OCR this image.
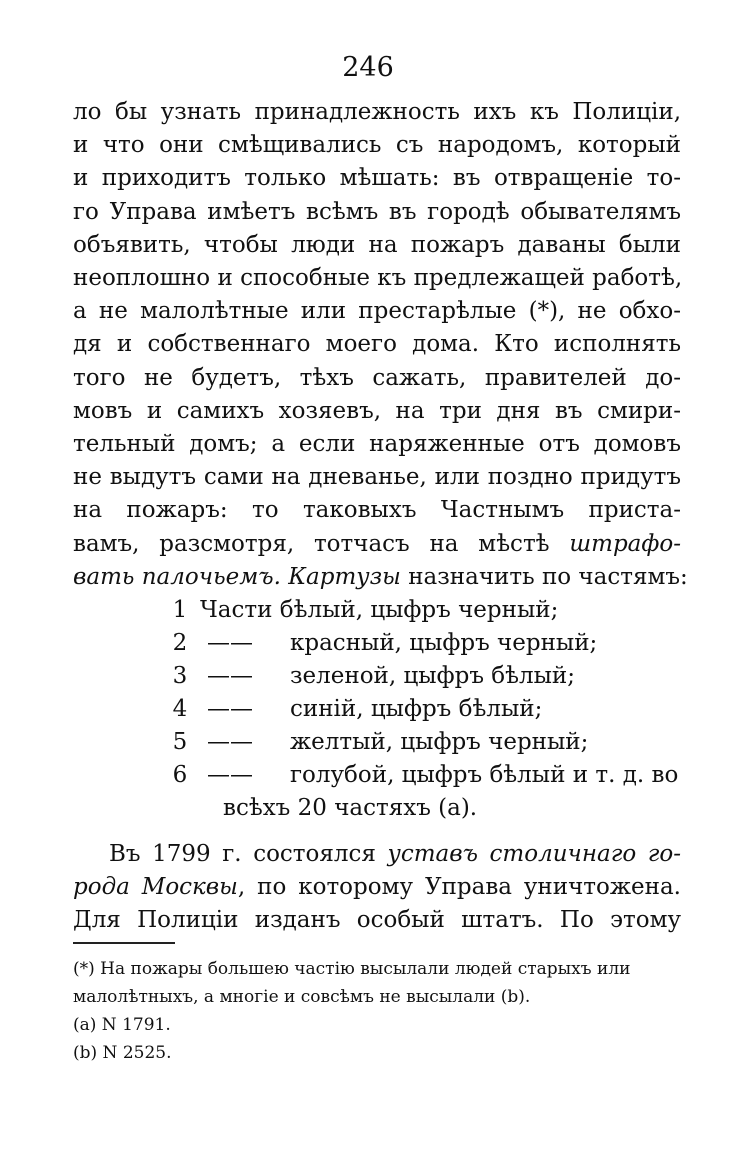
246
ло бы узнать принадлежность ихъ къ Полиціи,
и что они смѣщивались съ народомъ, который
и приходитъ только мѣшать: въ отвращеніе то-
го Управа имѣетъ всѣмъ въ городѣ обывателямъ
объявить, чтобы люди на пожаръ даваны были
неоплошно и способные къ предлежащей работѣ,
а не малолѣтные или престарѣлые (*), не обхо-
дя и собственнаго моего дома. Кто исполнять
того не будетъ, тѣхъ сажать, правителей до-
мовъ и самихъ хозяевъ, на три дня въ смири-
тельный домъ; а если наряженные отъ домовъ
не выдутъ сами на дневанье, или поздно придутъ
на пожаръ: то таковыхъ Частнымъ пристa-
вамъ, разсмотря, тотчасъ на мѣстѣ штрафо-
вать палочьемъ. Картузы назначить по частямъ:
1 Части бѣлый, цыфръ черный;
2 —— красный, цыфръ черный;
3 —— зеленой, цыфръ бѣлый;
4 —— синій, цыфръ бѣлый;
5 —— желтый, цыфръ черный;
6 —— голубой, цыфръ бѣлый и т. д. во
всѣхъ 20 частяхъ (а).
Въ 1799 г. состоялся уставъ столичнаго го-
рода Москвы, по которому Управа уничтожена.
Для Полиціи изданъ особый штатъ. По этому
(*) На пожары большею частію высылали людей старыхъ или
малолѣтныхъ, а многіе и совсѣмъ не высылали (b).
(а) N 1791.
(b) N 2525.
